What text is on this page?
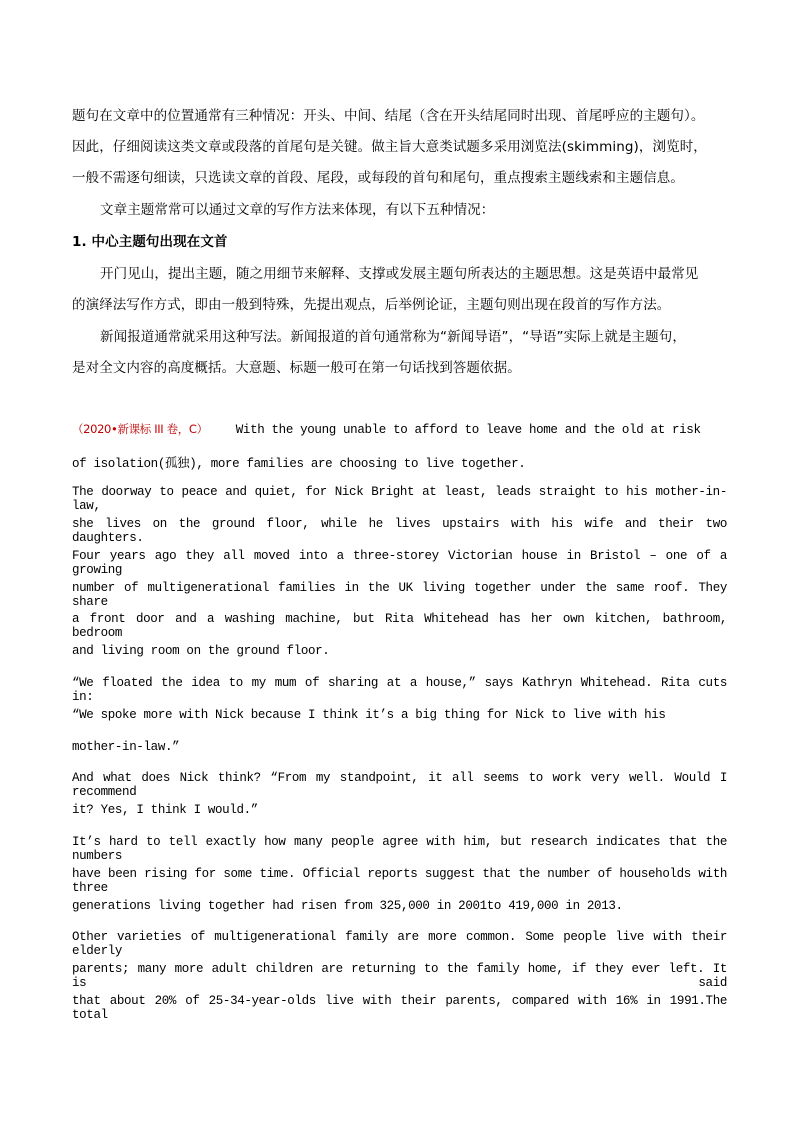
题句在文章中的位置通常有三种情况：开头、中间、结尾（含在开头结尾同时出现、首尾呼应的主题句）。
因此，仔细阅读这类文章或段落的首尾句是关键。做主旨大意类试题多采用浏览法(skimming)，浏览时，
一般不需逐句细读，只选读文章的首段、尾段，或每段的首句和尾句，重点搜索主题线索和主题信息。
文章主题常常可以通过文章的写作方法来体现，有以下五种情况：
1. 中心主题句出现在文首
开门见山，提出主题，随之用细节来解释、支撑或发展主题句所表达的主题思想。这是英语中最常见
的演绎法写作方式，即由一般到特殊，先提出观点，后举例论证，主题句则出现在段首的写作方法。
新闻报道通常就采用这种写法。新闻报道的首句通常称为“新闻导语”，“导语”实际上就是主题句，
是对全文内容的高度概括。大意题、标题一般可在第一句话找到答题依据。
（2020•新课标 III 卷，C） With the young unable to afford to leave home and the old at risk
of isolation(孤独), more families are choosing to live together.
The doorway to peace and quiet, for Nick Bright at least, leads straight to his mother-in-law,
she lives on the ground floor, while he lives upstairs with his wife and their two daughters.
Four years ago they all moved into a three-storey Victorian house in Bristol – one of a growing
number of multigenerational families in the UK living together under the same roof. They share
a front door and a washing machine, but Rita Whitehead has her own kitchen, bathroom, bedroom
and living room on the ground floor.
“We floated the idea to my mum of sharing at a house,” says Kathryn Whitehead. Rita cuts in:
“We spoke more with Nick because I think it’s a big thing for Nick to live with his
mother-in-law.”
And what does Nick think? “From my standpoint, it all seems to work very well. Would I recommend
it? Yes, I think I would.”
It’s hard to tell exactly how many people agree with him, but research indicates that the numbers
have been rising for some time. Official reports suggest that the number of households with three
generations living together had risen from 325,000 in 2001to 419,000 in 2013.
Other varieties of multigenerational family are more common. Some people live with their elderly
parents; many more adult children are returning to the family home, if they ever left. It is said
that about 20% of 25-34-year-olds live with their parents, compared with 16% in 1991.The total
